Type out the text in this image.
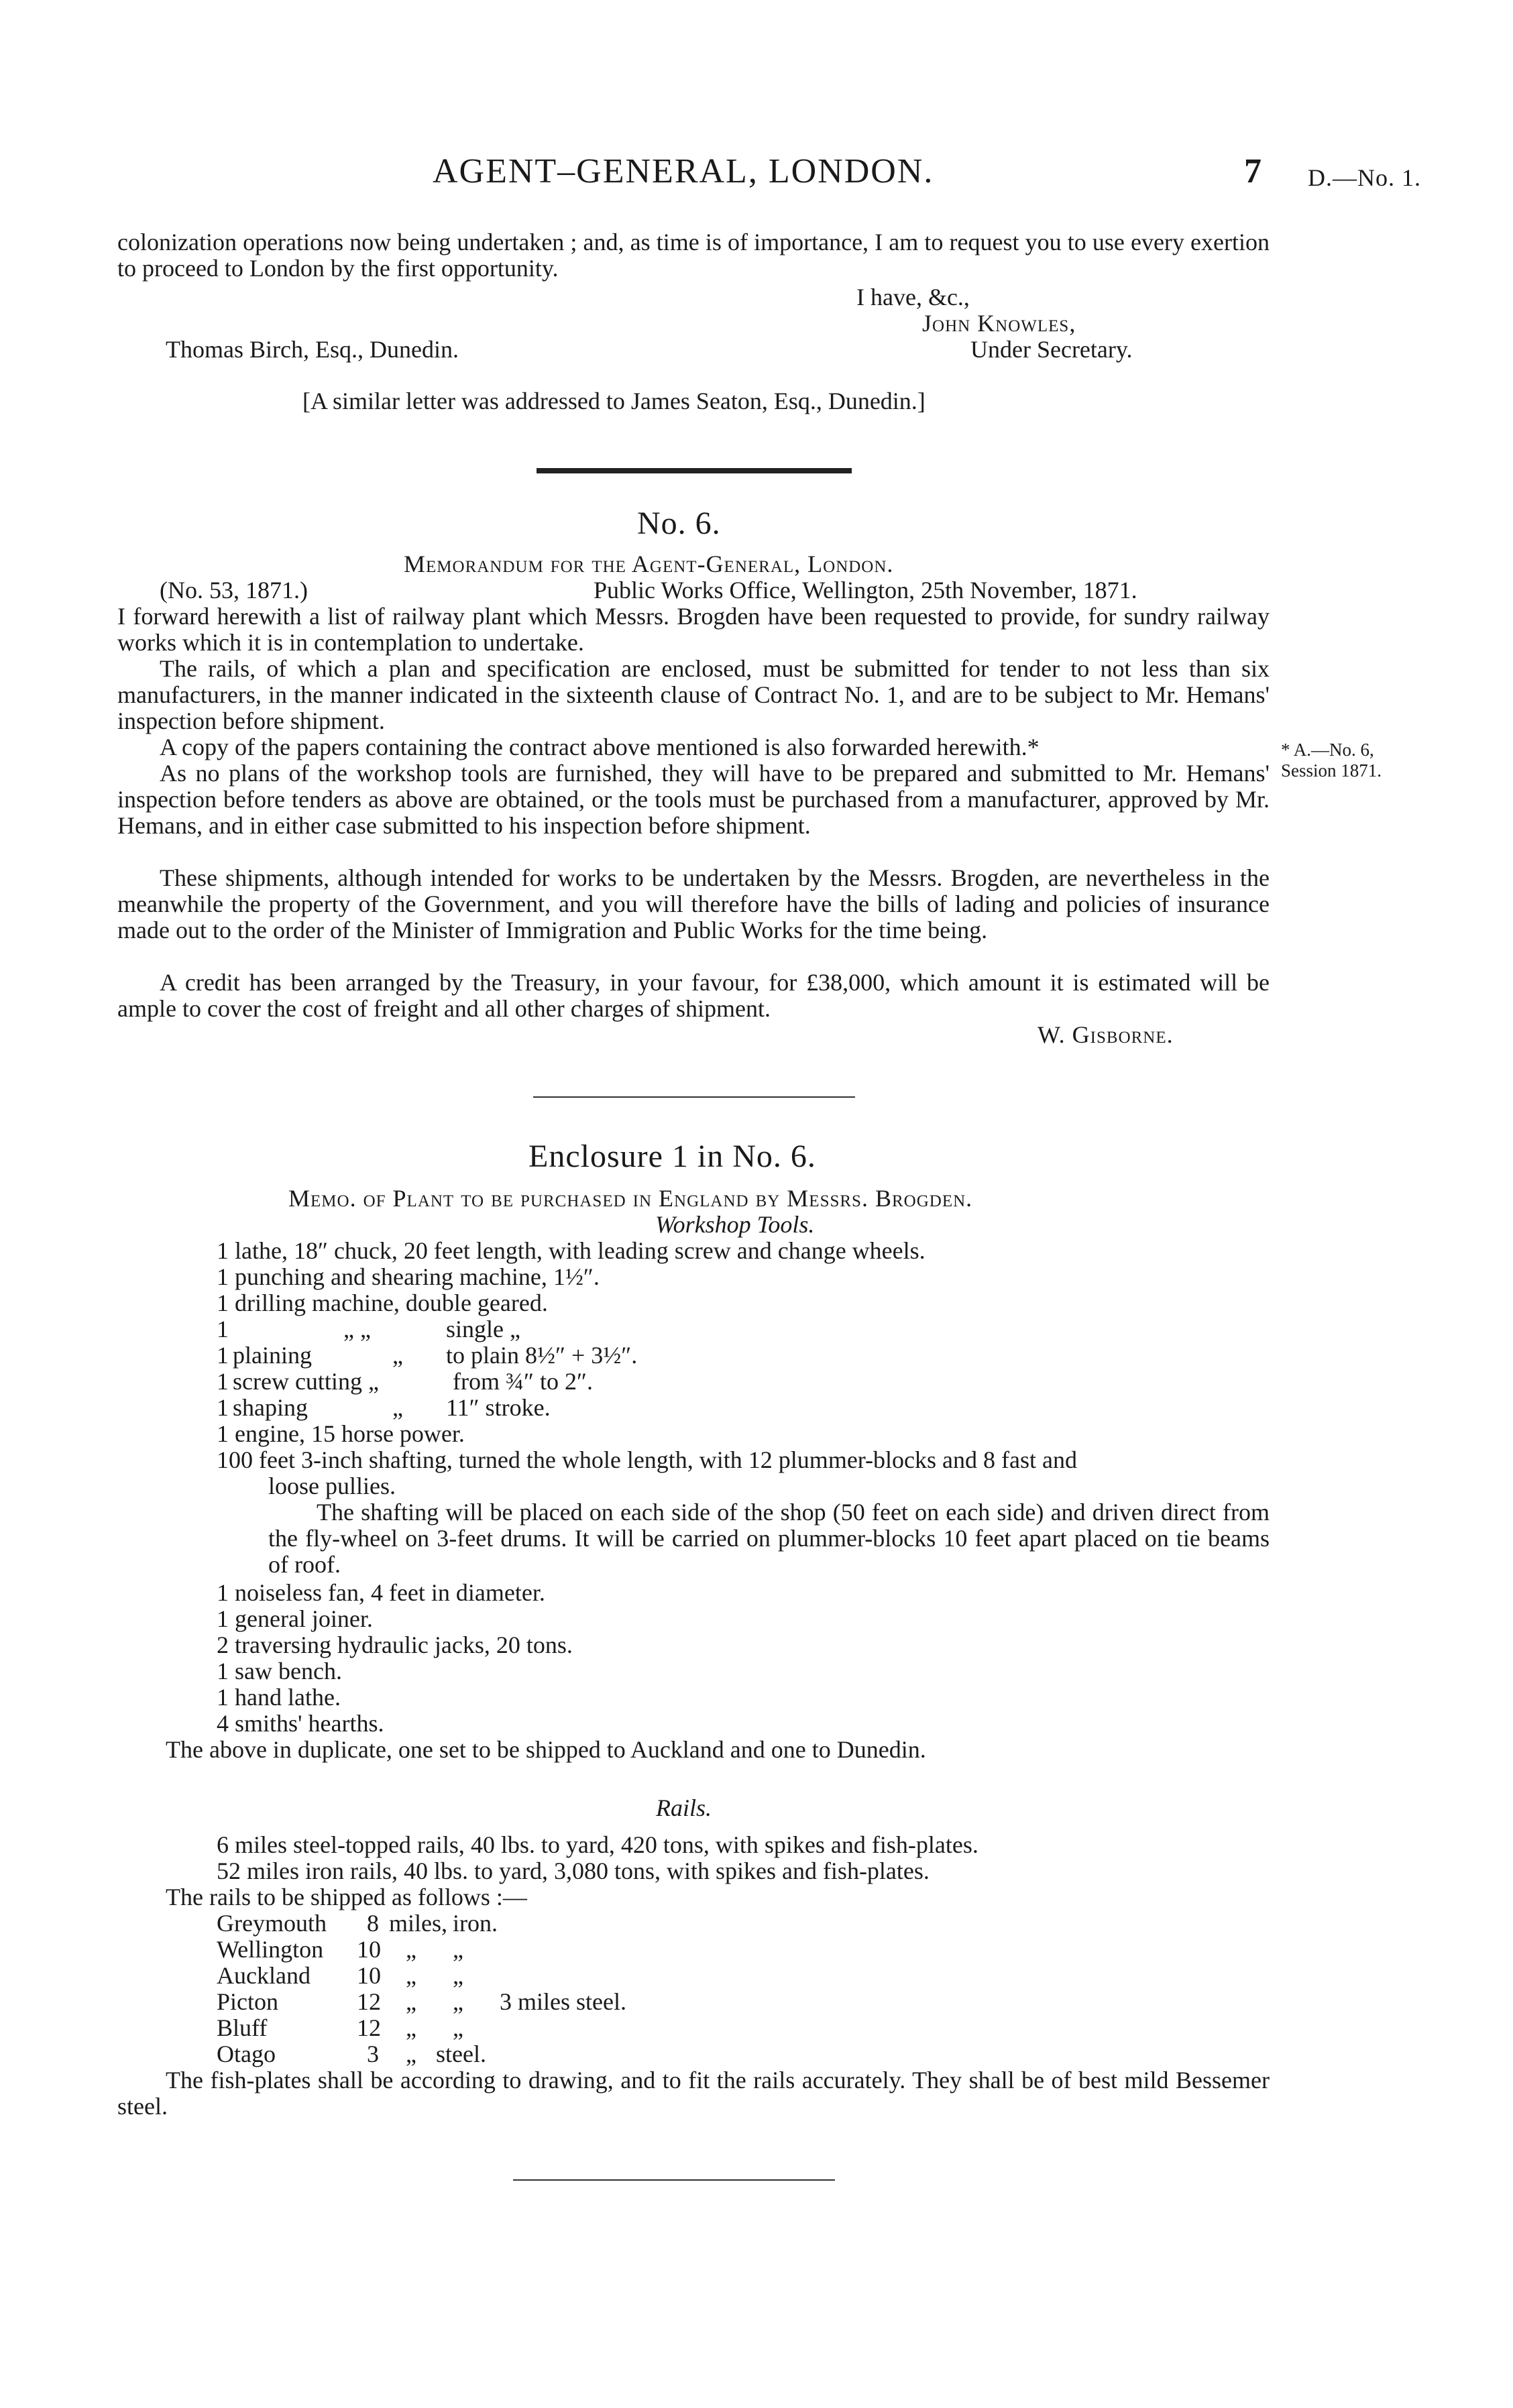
AGENT–GENERAL, LONDON.	7 D.—No. 1.
colonization operations now being undertaken ; and, as time is of importance, I am to request you to use every exertion to proceed to London by the first opportunity.
I have, &c.,
John Knowles,
Thomas Birch, Esq., Dunedin.	Under Secretary.
[A similar letter was addressed to James Seaton, Esq., Dunedin.]
No. 6.
Memorandum for the Agent-General, London.
(No. 53, 1871.)	Public Works Office, Wellington, 25th November, 1871.
I forward herewith a list of railway plant which Messrs. Brogden have been requested to provide, for sundry railway works which it is in contemplation to undertake.
The rails, of which a plan and specification are enclosed, must be submitted for tender to not less than six manufacturers, in the manner indicated in the sixteenth clause of Contract No. 1, and are to be subject to Mr. Hemans' inspection before shipment.
A copy of the papers containing the contract above mentioned is also forwarded herewith.*
As no plans of the workshop tools are furnished, they will have to be prepared and submitted to Mr. Hemans' inspection before tenders as above are obtained, or the tools must be purchased from a manufacturer, approved by Mr. Hemans, and in either case submitted to his inspection before shipment.
These shipments, although intended for works to be undertaken by the Messrs. Brogden, are nevertheless in the meanwhile the property of the Government, and you will therefore have the bills of lading and policies of insurance made out to the order of the Minister of Immigration and Public Works for the time being.
A credit has been arranged by the Treasury, in your favour, for £38,000, which amount it is estimated will be ample to cover the cost of freight and all other charges of shipment.
W. Gisborne.
Enclosure 1 in No. 6.
Memo. of Plant to be purchased in England by Messrs. Brogden.
Workshop Tools.
1 lathe, 18″ chuck, 20 feet length, with leading screw and change wheels.
1 punching and shearing machine, 1½″.
1 drilling machine, double geared.
1	„ „	single „
1 plaining	„ to plain 8½″ + 3½″.
1 screw cutting „	from ¾″ to 2″.
1 shaping	„ 11″ stroke.
1 engine, 15 horse power.
100 feet 3-inch shafting, turned the whole length, with 12 plummer-blocks and 8 fast and
loose pullies.
The shafting will be placed on each side of the shop (50 feet on each side) and driven direct from the fly-wheel on 3-feet drums. It will be carried on plummer-blocks 10 feet apart placed on tie beams of roof.
1 noiseless fan, 4 feet in diameter.
1 general joiner.
2 traversing hydraulic jacks, 20 tons.
1 saw bench.
1 hand lathe.
4 smiths' hearths.
The above in duplicate, one set to be shipped to Auckland and one to Dunedin.
Rails.
6 miles steel-topped rails, 40 lbs. to yard, 420 tons, with spikes and fish-plates.
52 miles iron rails, 40 lbs. to yard, 3,080 tons, with spikes and fish-plates.
The rails to be shipped as follows :—
Greymouth 8 miles, iron.
Wellington 10 „ „
Auckland 10 „ „
Picton	12 „ „ 3 miles steel.
Bluff	12 „ „
Otago	3 „ steel.
The fish-plates shall be according to drawing, and to fit the rails accurately. They shall be of best mild Bessemer steel.
* A.—No. 6,
Session 1871.
